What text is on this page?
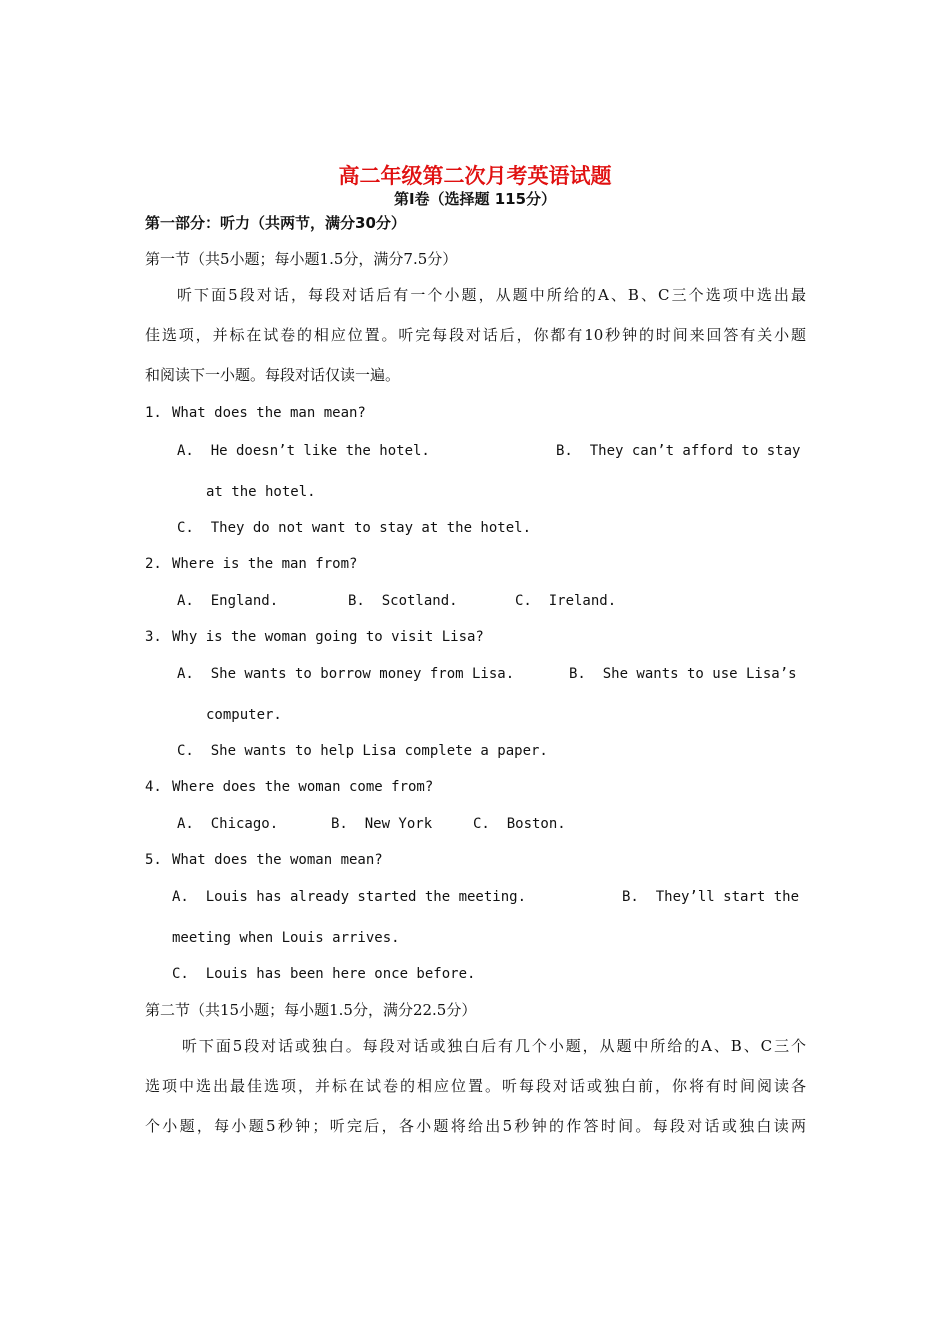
高二年级第二次月考英语试题
第Ⅰ卷（选择题 115分）
第一部分：听力（共两节，满分30分）
第一节（共5小题；每小题1.5分，满分7.5分）
听下面5段对话，每段对话后有一个小题，从题中所给的A、B、C三个选项中选出最
佳选项，并标在试卷的相应位置。听完每段对话后，你都有10秒钟的时间来回答有关小题
和阅读下一小题。每段对话仅读一遍。
1. What does the man mean?
A.  He doesn’t like the hotel.	B.  They can’t afford to stay
at the hotel.
C.  They do not want to stay at the hotel.
2. Where is the man from?
A.  England.	B.  Scotland.	C.  Ireland.
3. Why is the woman going to visit Lisa?
A.  She wants to borrow money from Lisa.	B.  She wants to use Lisa’s
computer.
C.  She wants to help Lisa complete a paper.
4. Where does the woman come from?
A.  Chicago.	B.  New York	C.  Boston.
5. What does the woman mean?
A.  Louis has already started the meeting.	B.  They’ll start the
meeting when Louis arrives.
C.  Louis has been here once before.
第二节（共15小题；每小题1.5分，满分22.5分）
听下面5段对话或独白。每段对话或独白后有几个小题，从题中所给的A、B、C三个
选项中选出最佳选项，并标在试卷的相应位置。听每段对话或独白前，你将有时间阅读各
个小题，每小题5秒钟；听完后，各小题将给出5秒钟的作答时间。每段对话或独白读两
